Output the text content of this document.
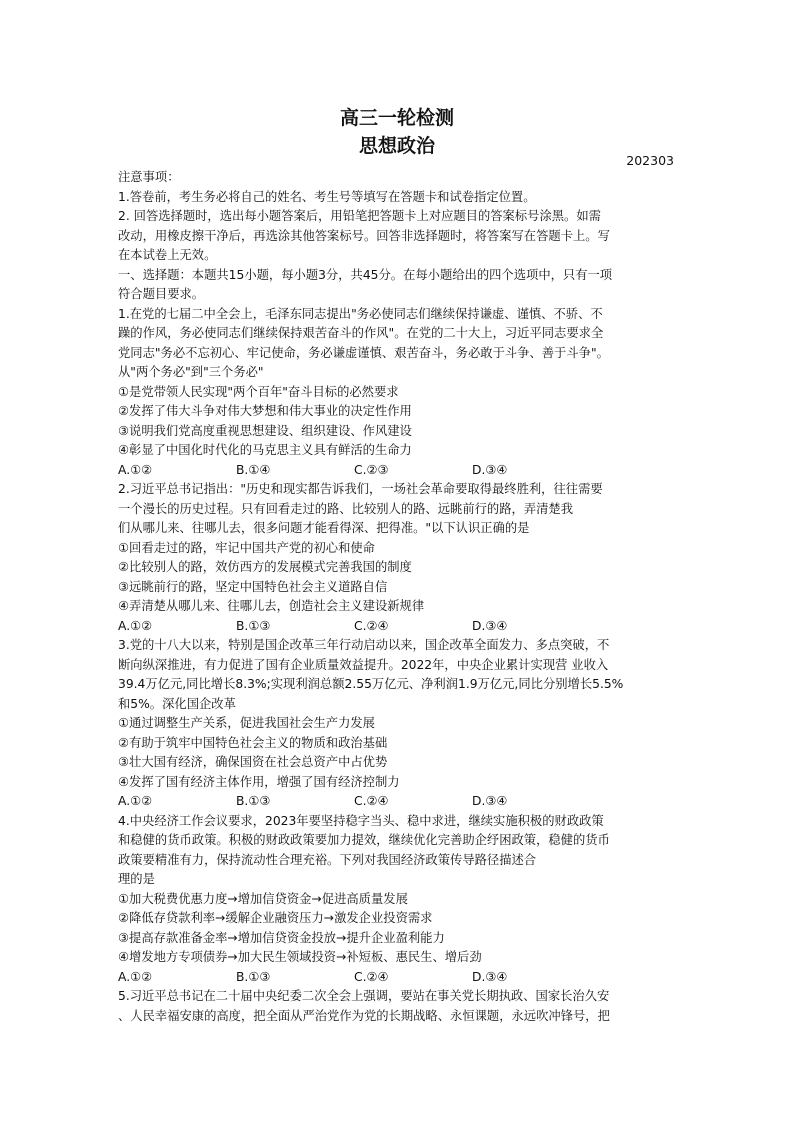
高三一轮检测
思想政治
202303
注意事项：
1.答卷前，考生务必将自己的姓名、考生号等填写在答题卡和试卷指定位置。
2. 回答选择题时，选出每小题答案后，用铅笔把答题卡上对应题目的答案标号涂黑。如需
改动，用橡皮擦干净后，再选涂其他答案标号。回答非选择题时，将答案写在答题卡上。写
在本试卷上无效。
一、选择题：本题共15小题，每小题3分，共45分。在每小题给出的四个选项中，只有一项
符合题目要求。
1.在党的七届二中全会上，毛泽东同志提出"务必使同志们继续保持谦虚、谨慎、不骄、不
躁的作风，务必使同志们继续保持艰苦奋斗的作风"。在党的二十大上，习近平同志要求全
党同志"务必不忘初心、牢记使命，务必谦虚谨慎、艰苦奋斗，务必敢于斗争、善于斗争"。
从"两个务必"到"三个务必"
①是党带领人民实现"两个百年"奋斗目标的必然要求
②发挥了伟大斗争对伟大梦想和伟大事业的决定性作用
③说明我们党高度重视思想建设、组织建设、作风建设
④彰显了中国化时代化的马克思主义具有鲜活的生命力
A.①②	B.①④	C.②③	D.③④
2.习近平总书记指出："历史和现实都告诉我们，一场社会革命要取得最终胜利，往往需要
一个漫长的历史过程。只有回看走过的路、比较别人的路、远眺前行的路，弄清楚我
们从哪儿来、往哪儿去，很多问题才能看得深、把得准。"以下认识正确的是
①回看走过的路，牢记中国共产党的初心和使命
②比较别人的路，效仿西方的发展模式完善我国的制度
③远眺前行的路，坚定中国特色社会主义道路自信
④弄清楚从哪儿来、往哪儿去，创造社会主义建设新规律
A.①②	B.①③	C.②④	D.③④
3.党的十八大以来，特别是国企改革三年行动启动以来，国企改革全面发力、多点突破，不
断向纵深推进，有力促进了国有企业质量效益提升。2022年，中央企业累计实现营 业收入
39.4万亿元,同比增长8.3%;实现利润总额2.55万亿元、净利润1.9万亿元,同比分别增长5.5%
和5%。深化国企改革
①通过调整生产关系，促进我国社会生产力发展
②有助于筑牢中国特色社会主义的物质和政治基础
③壮大国有经济，确保国资在社会总资产中占优势
④发挥了国有经济主体作用，增强了国有经济控制力
A.①②	B.①③	C.②④	D.③④
4.中央经济工作会议要求，2023年要坚持稳字当头、稳中求进，继续实施积极的财政政策
和稳健的货币政策。积极的财政政策要加力提效，继续优化完善助企纾困政策，稳健的货币
政策要精准有力，保持流动性合理充裕。下列对我国经济政策传导路径描述合
理的是
①加大税费优惠力度→增加信贷资金→促进高质量发展
②降低存贷款利率→缓解企业融资压力→激发企业投资需求
③提高存款准备金率→增加信贷资金投放→提升企业盈利能力
④增发地方专项债券→加大民生领域投资→补短板、惠民生、增后劲
A.①②	B.①③	C.②④	D.③④
5.习近平总书记在二十届中央纪委二次全会上强调，要站在事关党长期执政、国家长治久安
、人民幸福安康的高度，把全面从严治党作为党的长期战略、永恒课题，永远吹冲锋号，把
